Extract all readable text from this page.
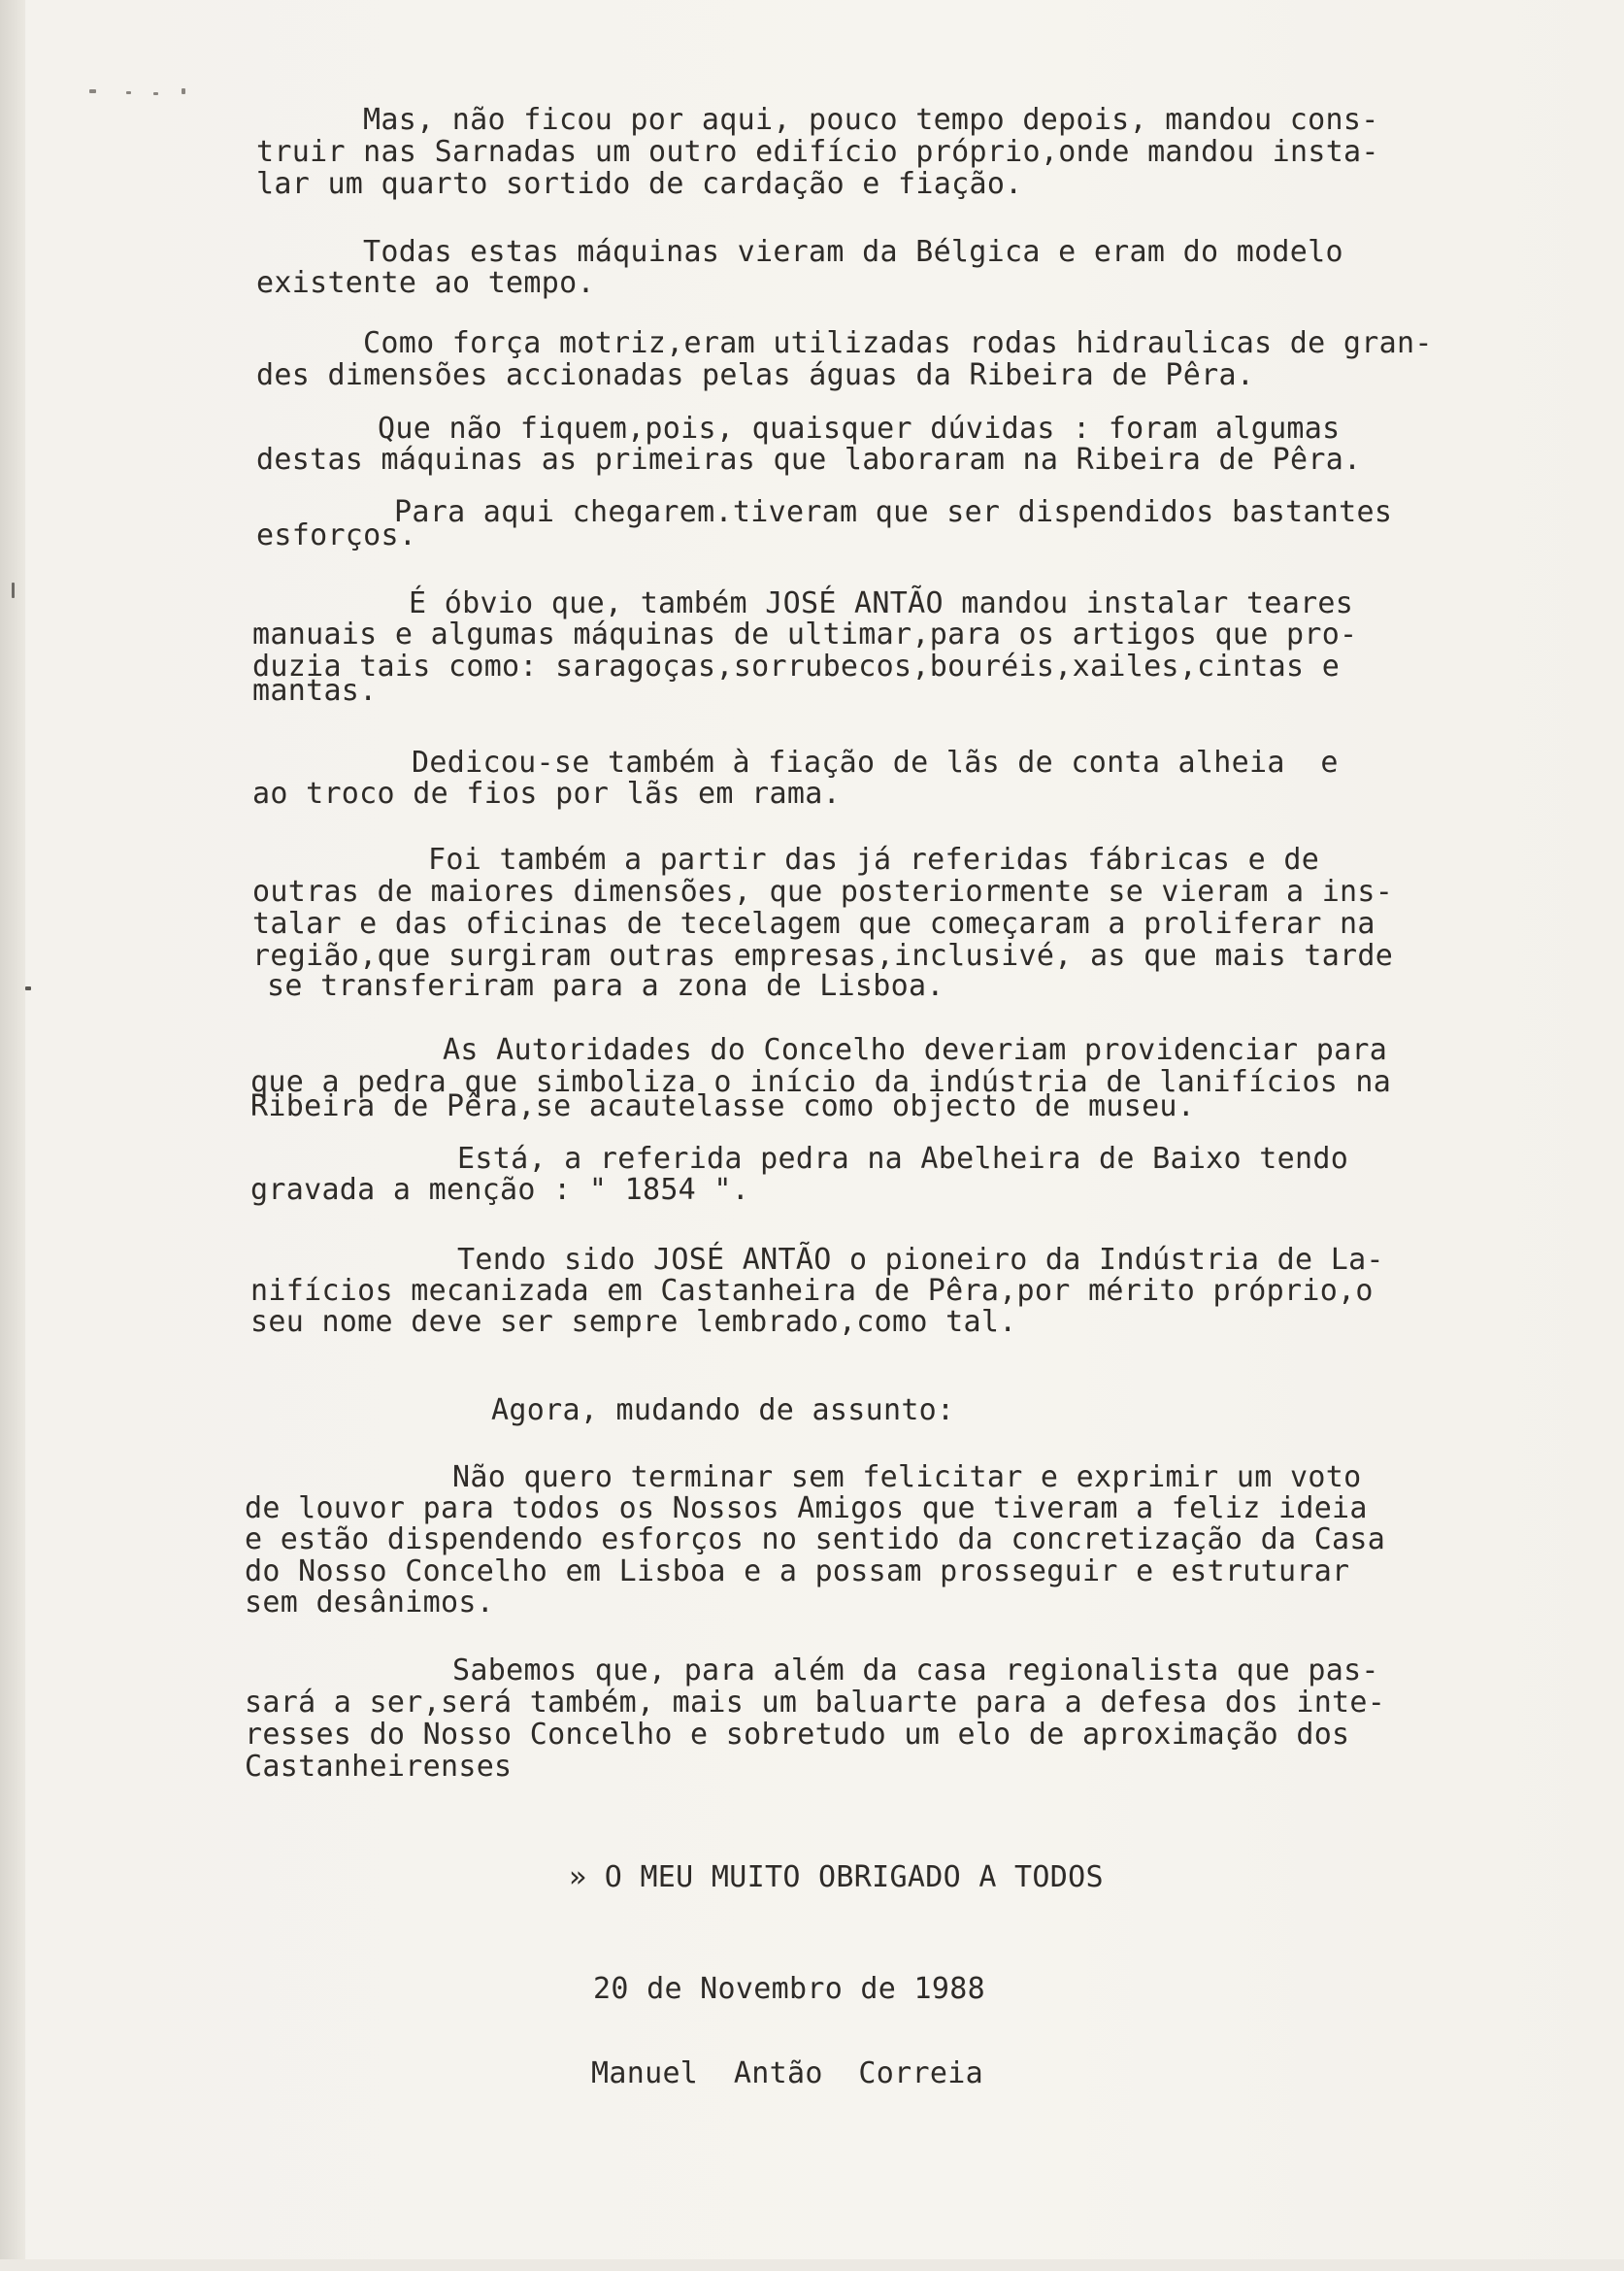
Mas, não ficou por aqui, pouco tempo depois, mandou cons-
truir nas Sarnadas um outro edifício próprio,onde mandou insta-
lar um quarto sortido de cardação e fiação.
Todas estas máquinas vieram da Bélgica e eram do modelo
existente ao tempo.
Como força motriz,eram utilizadas rodas hidraulicas de gran-
des dimensões accionadas pelas águas da Ribeira de Pêra.
Que não fiquem,pois, quaisquer dúvidas : foram algumas
destas máquinas as primeiras que laboraram na Ribeira de Pêra.
Para aqui chegarem.tiveram que ser dispendidos bastantes
esforços.
É óbvio que, também JOSÉ ANTÃO mandou instalar teares
manuais e algumas máquinas de ultimar,para os artigos que pro-
duzia tais como: saragoças,sorrubecos,bouréis,xailes,cintas e
mantas.
Dedicou-se também à fiação de lãs de conta alheia  e
ao troco de fios por lãs em rama.
Foi também a partir das já referidas fábricas e de
outras de maiores dimensões, que posteriormente se vieram a ins-
talar e das oficinas de tecelagem que começaram a proliferar na
região,que surgiram outras empresas,inclusivé, as que mais tarde
se transferiram para a zona de Lisboa.
As Autoridades do Concelho deveriam providenciar para
que a pedra que simboliza o início da indústria de lanifícios na
Ribeira de Pêra,se acautelasse como objecto de museu.
Está, a referida pedra na Abelheira de Baixo tendo
gravada a menção : " 1854 ".
Tendo sido JOSÉ ANTÃO o pioneiro da Indústria de La-
nifícios mecanizada em Castanheira de Pêra,por mérito próprio,o
seu nome deve ser sempre lembrado,como tal.
Agora, mudando de assunto:
Não quero terminar sem felicitar e exprimir um voto
de louvor para todos os Nossos Amigos que tiveram a feliz ideia
e estão dispendendo esforços no sentido da concretização da Casa
do Nosso Concelho em Lisboa e a possam prosseguir e estruturar
sem desânimos.
Sabemos que, para além da casa regionalista que pas-
sará a ser,será também, mais um baluarte para a defesa dos inte-
resses do Nosso Concelho e sobretudo um elo de aproximação dos
Castanheirenses
» O MEU MUITO OBRIGADO A TODOS
20 de Novembro de 1988
Manuel  Antão  Correia
